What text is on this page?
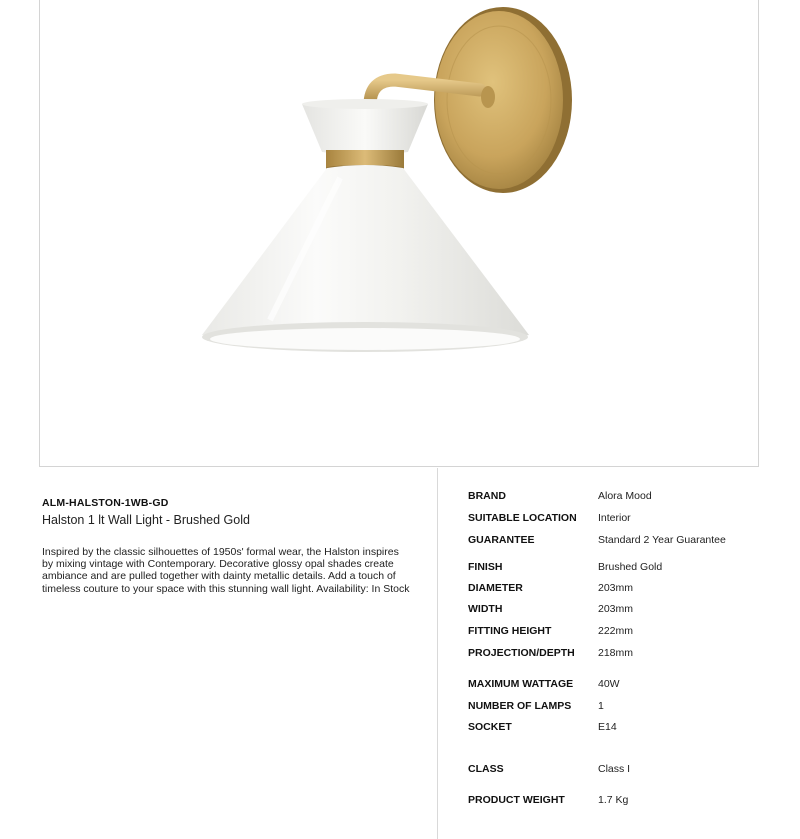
ALM-HALSTON-1WB-GD
Halston 1 lt Wall Light - Brushed Gold
Inspired by the classic silhouettes of 1950s' formal wear, the Halston inspires by mixing vintage with Contemporary. Decorative glossy opal shades create ambiance and are pulled together with dainty metallic details. Add a touch of timeless couture to your space with this stunning wall light. Availability: In Stock
BRAND	Alora Mood
SUITABLE LOCATION Interior
GUARANTEE	Standard 2 Year Guarantee
FINISH	Brushed Gold
DIAMETER	203mm
WIDTH	203mm
FITTING HEIGHT	222mm
PROJECTION/DEPTH 218mm
MAXIMUM WATTAGE 40W
NUMBER OF LAMPS	1
SOCKET	E14
CLASS	Class I
PRODUCT WEIGHT	1.7 Kg
